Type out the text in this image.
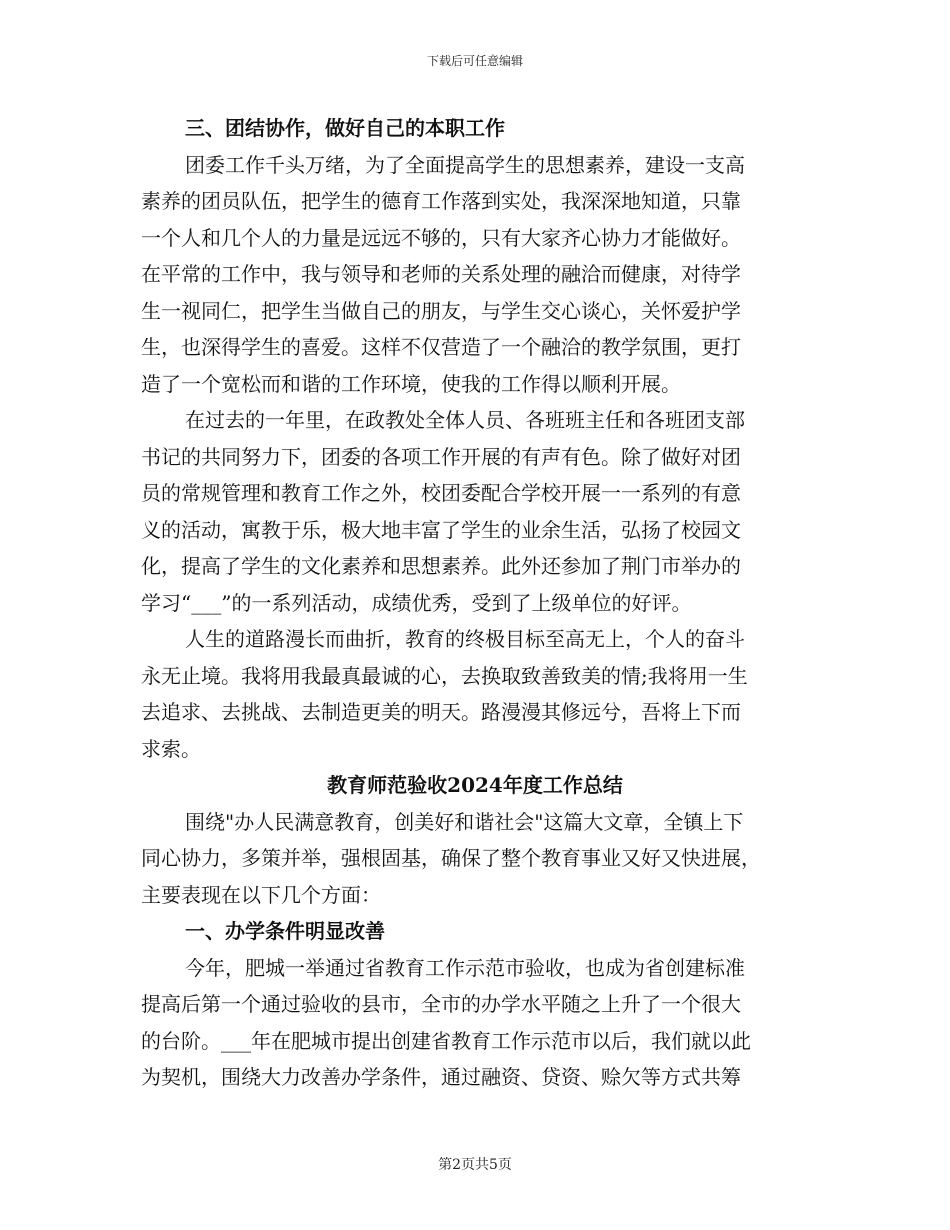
下载后可任意编辑
三、团结协作，做好自己的本职工作
团委工作千头万绪，为了全面提高学生的思想素养，建设一支高
素养的团员队伍，把学生的德育工作落到实处，我深深地知道，只靠
一个人和几个人的力量是远远不够的，只有大家齐心协力才能做好。
在平常的工作中，我与领导和老师的关系处理的融洽而健康，对待学
生一视同仁，把学生当做自己的朋友，与学生交心谈心，关怀爱护学
生，也深得学生的喜爱。这样不仅营造了一个融洽的教学氛围，更打
造了一个宽松而和谐的工作环境，使我的工作得以顺利开展。
在过去的一年里，在政教处全体人员、各班班主任和各班团支部
书记的共同努力下，团委的各项工作开展的有声有色。除了做好对团
员的常规管理和教育工作之外，校团委配合学校开展一一系列的有意
义的活动，寓教于乐，极大地丰富了学生的业余生活，弘扬了校园文
化，提高了学生的文化素养和思想素养。此外还参加了荆门市举办的
学习“___”的一系列活动，成绩优秀，受到了上级单位的好评。
人生的道路漫长而曲折，教育的终极目标至高无上，个人的奋斗
永无止境。我将用我最真最诚的心，去换取致善致美的情;我将用一生
去追求、去挑战、去制造更美的明天。路漫漫其修远兮，吾将上下而
求索。
教育师范验收2024年度工作总结
围绕"办人民满意教育，创美好和谐社会"这篇大文章，全镇上下
同心协力，多策并举，强根固基，确保了整个教育事业又好又快进展，
主要表现在以下几个方面：
一、办学条件明显改善
今年，肥城一举通过省教育工作示范市验收，也成为省创建标准
提高后第一个通过验收的县市，全市的办学水平随之上升了一个很大
的台阶。___年在肥城市提出创建省教育工作示范市以后，我们就以此
为契机，围绕大力改善办学条件，通过融资、贷资、赊欠等方式共筹
第2页共5页
